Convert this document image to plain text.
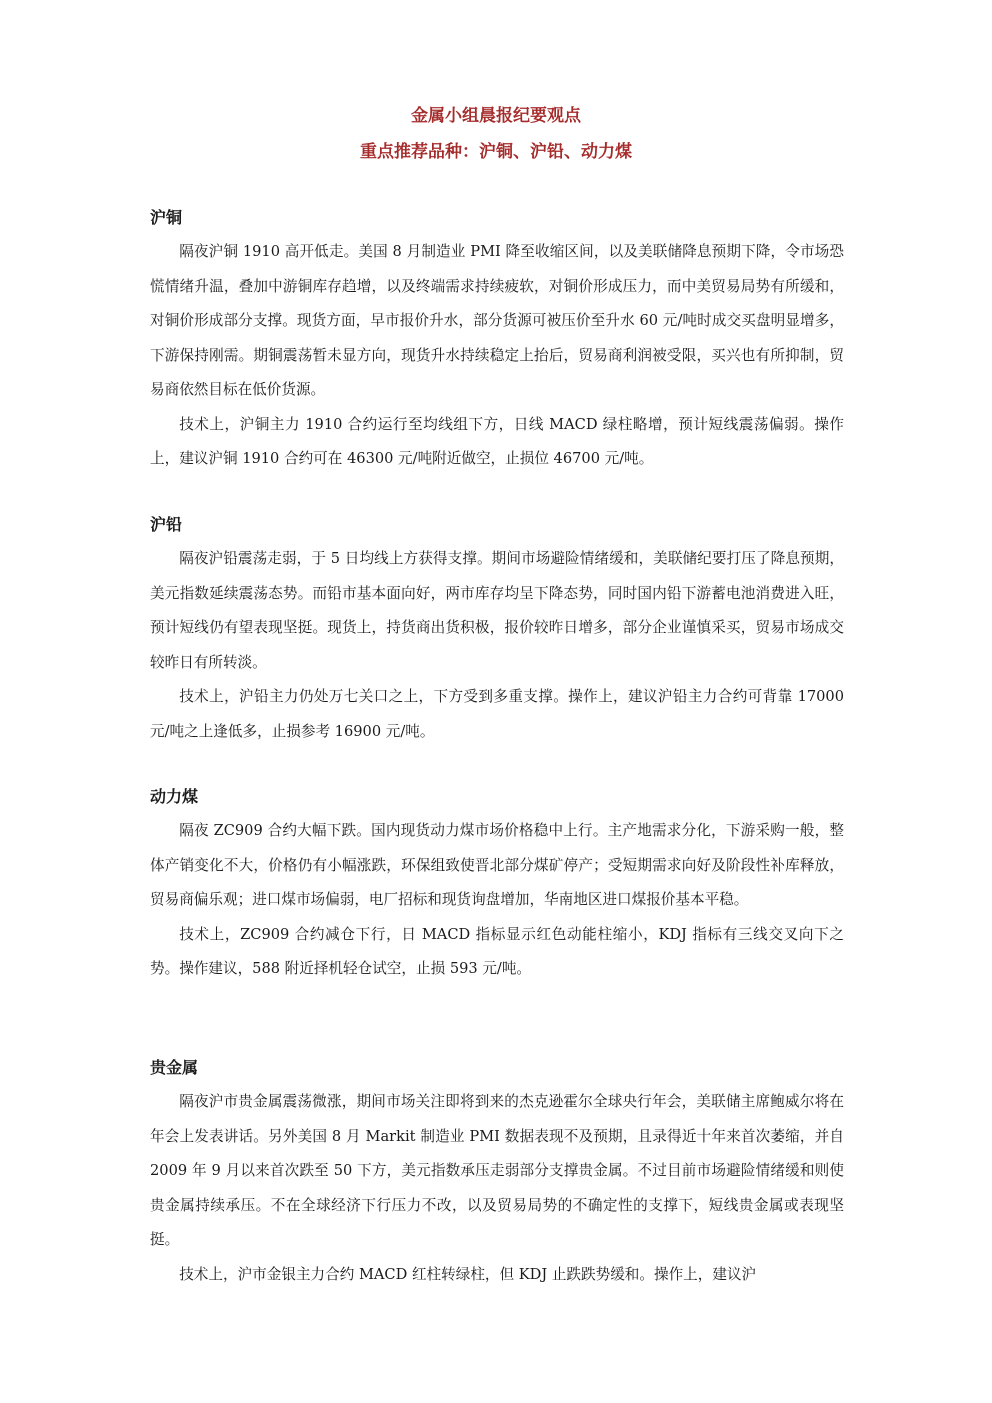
金属小组晨报纪要观点
重点推荐品种：沪铜、沪铅、动力煤
沪铜

隔夜沪铜 1910 高开低走。美国 8 月制造业 PMI 降至收缩区间，以及美联储降息预期下降，令市场恐慌情绪升温，叠加中游铜库存趋增，以及终端需求持续疲软，对铜价形成压力，而中美贸易局势有所缓和，对铜价形成部分支撑。现货方面，早市报价升水，部分货源可被压价至升水 60 元/吨时成交买盘明显增多，下游保持刚需。期铜震荡暂未显方向，现货升水持续稳定上抬后，贸易商利润被受限，买兴也有所抑制，贸易商依然目标在低价货源。

技术上，沪铜主力 1910 合约运行至均线组下方，日线 MACD 绿柱略增，预计短线震荡偏弱。操作上，建议沪铜 1910 合约可在 46300 元/吨附近做空，止损位 46700 元/吨。

沪铅

隔夜沪铅震荡走弱，于 5 日均线上方获得支撑。期间市场避险情绪缓和，美联储纪要打压了降息预期，美元指数延续震荡态势。而铅市基本面向好，两市库存均呈下降态势，同时国内铅下游蓄电池消费进入旺，预计短线仍有望表现坚挺。现货上，持货商出货积极，报价较昨日增多，部分企业谨慎采买，贸易市场成交较昨日有所转淡。

技术上，沪铅主力仍处万七关口之上，下方受到多重支撑。操作上，建议沪铅主力合约可背靠 17000 元/吨之上逢低多，止损参考 16900 元/吨。

动力煤

隔夜 ZC909 合约大幅下跌。国内现货动力煤市场价格稳中上行。主产地需求分化，下游采购一般，整体产销变化不大，价格仍有小幅涨跌，环保组致使晋北部分煤矿停产；受短期需求向好及阶段性补库释放，贸易商偏乐观；进口煤市场偏弱，电厂招标和现货询盘增加，华南地区进口煤报价基本平稳。

技术上，ZC909 合约减仓下行，日 MACD 指标显示红色动能柱缩小，KDJ 指标有三线交叉向下之势。操作建议，588 附近择机轻仓试空，止损 593 元/吨。

贵金属

隔夜沪市贵金属震荡微涨，期间市场关注即将到来的杰克逊霍尔全球央行年会，美联储主席鲍威尔将在年会上发表讲话。另外美国 8 月 Markit 制造业 PMI 数据表现不及预期，且录得近十年来首次萎缩，并自 2009 年 9 月以来首次跌至 50 下方，美元指数承压走弱部分支撑贵金属。不过目前市场避险情绪缓和则使贵金属持续承压。不在全球经济下行压力不改，以及贸易局势的不确定性的支撑下，短线贵金属或表现坚挺。

技术上，沪市金银主力合约 MACD 红柱转绿柱，但 KDJ 止跌跌势缓和。操作上，建议沪
